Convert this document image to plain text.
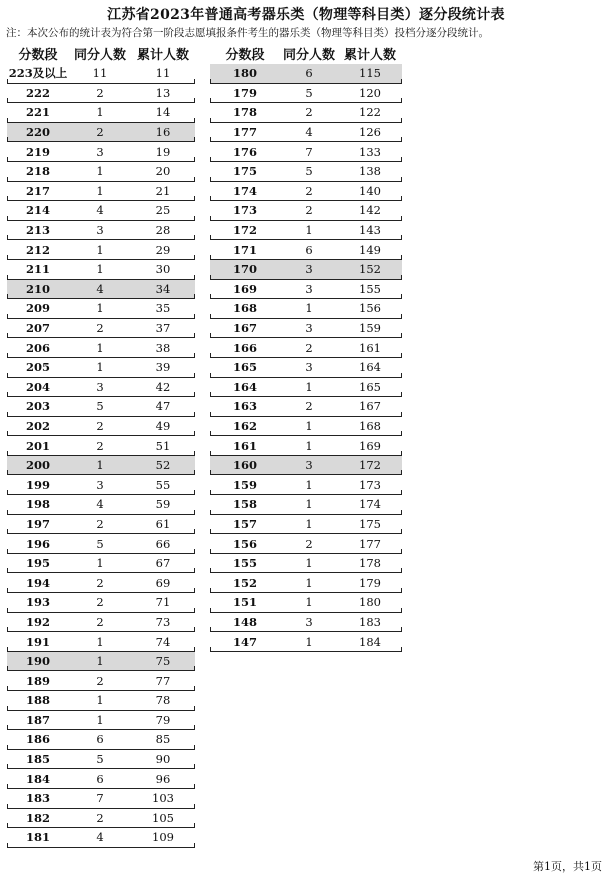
江苏省2023年普通高考器乐类（物理等科目类）逐分段统计表
注：本次公布的统计表为符合第一阶段志愿填报条件考生的器乐类（物理等科目类）投档分逐分段统计。
分数段	同分人数 累计人数
223及以上	11	11
222	2	13
221	1	14
220	2	16
219	3	19
218	1	20
217	1	21
214	4	25
213	3	28
212	1	29
211	1	30
210	4	34
209	1	35
207	2	37
206	1	38
205	1	39
204	3	42
203	5	47
202	2	49
201	2	51
200	1	52
199	3	55
198	4	59
197	2	61
196	5	66
195	1	67
194	2	69
193	2	71
192	2	73
191	1	74
190	1	75
189	2	77
188	1	78
187	1	79
186	6	85
185	5	90
184	6	96
183	7	103
182	2	105
181	4	109
分数段	同分人数 累计人数
180	6	115
179	5	120
178	2	122
177	4	126
176	7	133
175	5	138
174	2	140
173	2	142
172	1	143
171	6	149
170	3	152
169	3	155
168	1	156
167	3	159
166	2	161
165	3	164
164	1	165
163	2	167
162	1	168
161	1	169
160	3	172
159	1	173
158	1	174
157	1	175
156	2	177
155	1	178
152	1	179
151	1	180
148	3	183
147	1	184
第1页，共1页
